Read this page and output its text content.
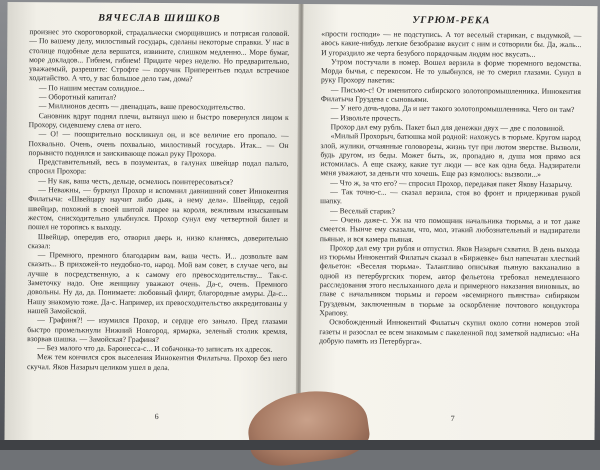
ВЯЧЕСЛАВ ШИШКОВ

произнес это скороговоркой, страдальчески сморщившись и потрясая головой. — По вашему делу, милостивый государь, сделаны некоторые справки. У нас в столице подобные дела вершатся, извините, слишком медленно... Море бумаг, море докладов... Гибнем, гибнем! Придите через неделю. Но предварительно, уважаемый, разрешите: Строфте — поручик Приперентьев подал встречное ходатайство. А что, у вас большое дело там, дома?

— По нашим местам солидное...

— Оборотный капитал?

— Миллионов десять — двенадцать, ваше превосходительство.

Сановник вдруг поднял плечи, вытянул шею и быстро повернулся лицом к Прохору, сидевшему слева от него.

— О! — поощрительно воскликнул он, и все величие его пропало. — Похвально. Очень, очень похвально, милостивый государь. Итак... — Он порывисто поднялся и заискивающе пожал руку Прохора.

Представительный, весь в позументах, в галунах швейцар подал пальто, спросил Прохора:

— Ну как, ваша честь, дельце, осмелюсь поинтересоваться?

— Неважны, — буркнул Прохор и вспомнил давнишний совет Иннокентия Филатыча: «Швейцару научит либо дьяк, а нему дела». Швейцар, седой швейцар, похожий в своей шитой ливрее на короля, вежливым изысканным жестом, снисходительно улыбнулся. Прохор сунул ему четвертной билет и пошел не торопясь к выходу.

Швейцар, опередив его, отворил дверь и, низко кланяясь, доверительно сказал:

— Премного, премного благодарим вам, ваша честь. И... дозвольте вам сказать... В прихожей-то неудобно-то, народ. Мой вам совет, в случае чего, вы лучше в посредственную, а к самому его превосходительству... Так-с. Заметочку надо. Оне женщину уважают очень. Да-с, очень. Премного довольны. Ну да, да. Понимаете: любовный флирт, благородные амуры. Да-с... Нашу знакомую тоже. Да-с. Например, их превосходительство аккредитованы у нашей Замойской.

— Графиня?! — изумился Прохор, и сердце его заныло. Пред глазами быстро промелькнули Нижний Новгород, ярмарка, зеленый столик кремля, взорвав шашка. — Замойская? Графиня?

— Без малого что да. Баронесса-с... И собачонка-то записать их адресок.

Меж тем кончился срок выселения Иннокентия Филатыча. Прохор без него скучал. Яков Назарыч целиком ушел в дела.

6
УГРЮМ-РЕКА

«прости господи» — не подступись. А тот веселый старикан, с выдумкой, — авось какие-нибудь легкие безобразие вкусит с ним и сотворили бы. Да, жаль... И угораздило же черта безубого порядочным людям нос вкусать...

Утром постучали в номер. Вошел верзила в форме тюремного ведомства. Морда бычья, с перекосом. Не то улыбнулся, не то смерил глазами. Сунул в руку Прохору пакетик:

— Письмо-с! От именитого сибирского золотопромышленника. Иннокентия Филатыча Груздева с сыновьями.

— У него дочь-вдова. Да и нет такого золотопромышленника. Чего он там?

— Извольте прочесть.

Прохор дал ему рубль. Пакет был для денежки двух — две с половиной.

«Милый Прохорыч, батюшка мой родной: нахожусь в тюрьме. Кругом народ злой, жулики, отчаянные головорезы, жизнь тут при лютом зверстве. Вызволи, будь другом, из беды. Может быть, эх, пропадаю я, душа моя прямо вся истомилась. А еще скажу, какие тут люди — все как одна беда. Надзиратели меня уважают, за деньги что хочешь. Еще раз взмолюсь: вызволи...»

— Что ж, за что его? — спросил Прохор, передавая пакет Якову Назарычу.

— Так точно-с... — сказал верзила, стоя во фронт и придерживая рукой шапку.

— Веселый старик?

— Очень даже-с. Уж на что помощник начальника тюрьмы, а и тот даже смеется. Нынче ему сказали, что, мол, этакий любознательный и надзиратели пьяные, и вся камера пьяная.

Прохор дал ему три рубля и отпустил. Яков Назарыч схватил. В день выхода из тюрьмы Иннокентий Филатыч сказал в «Биржевке» был напечатан хлесткий фельетон: «Веселая тюрьма». Талантливо описывая пьяную вакханалию в одной из петербургских тюрем, автор фельетона требовал немедленного расследования этого неслыханного дела и примерного наказания виновных, во главе с начальником тюрьмы и героем «всемирного пьянства» сибиряком Груздевым, заключенным в тюрьме за оскорбление почтового кондуктора Храпову.

Освобожденный Иннокентий Филатыч скупил около сотни номеров этой газеты и разослал ее всем знакомым с пакеленной под заметкой надписью: «На добрую память из Петербурга».

7
